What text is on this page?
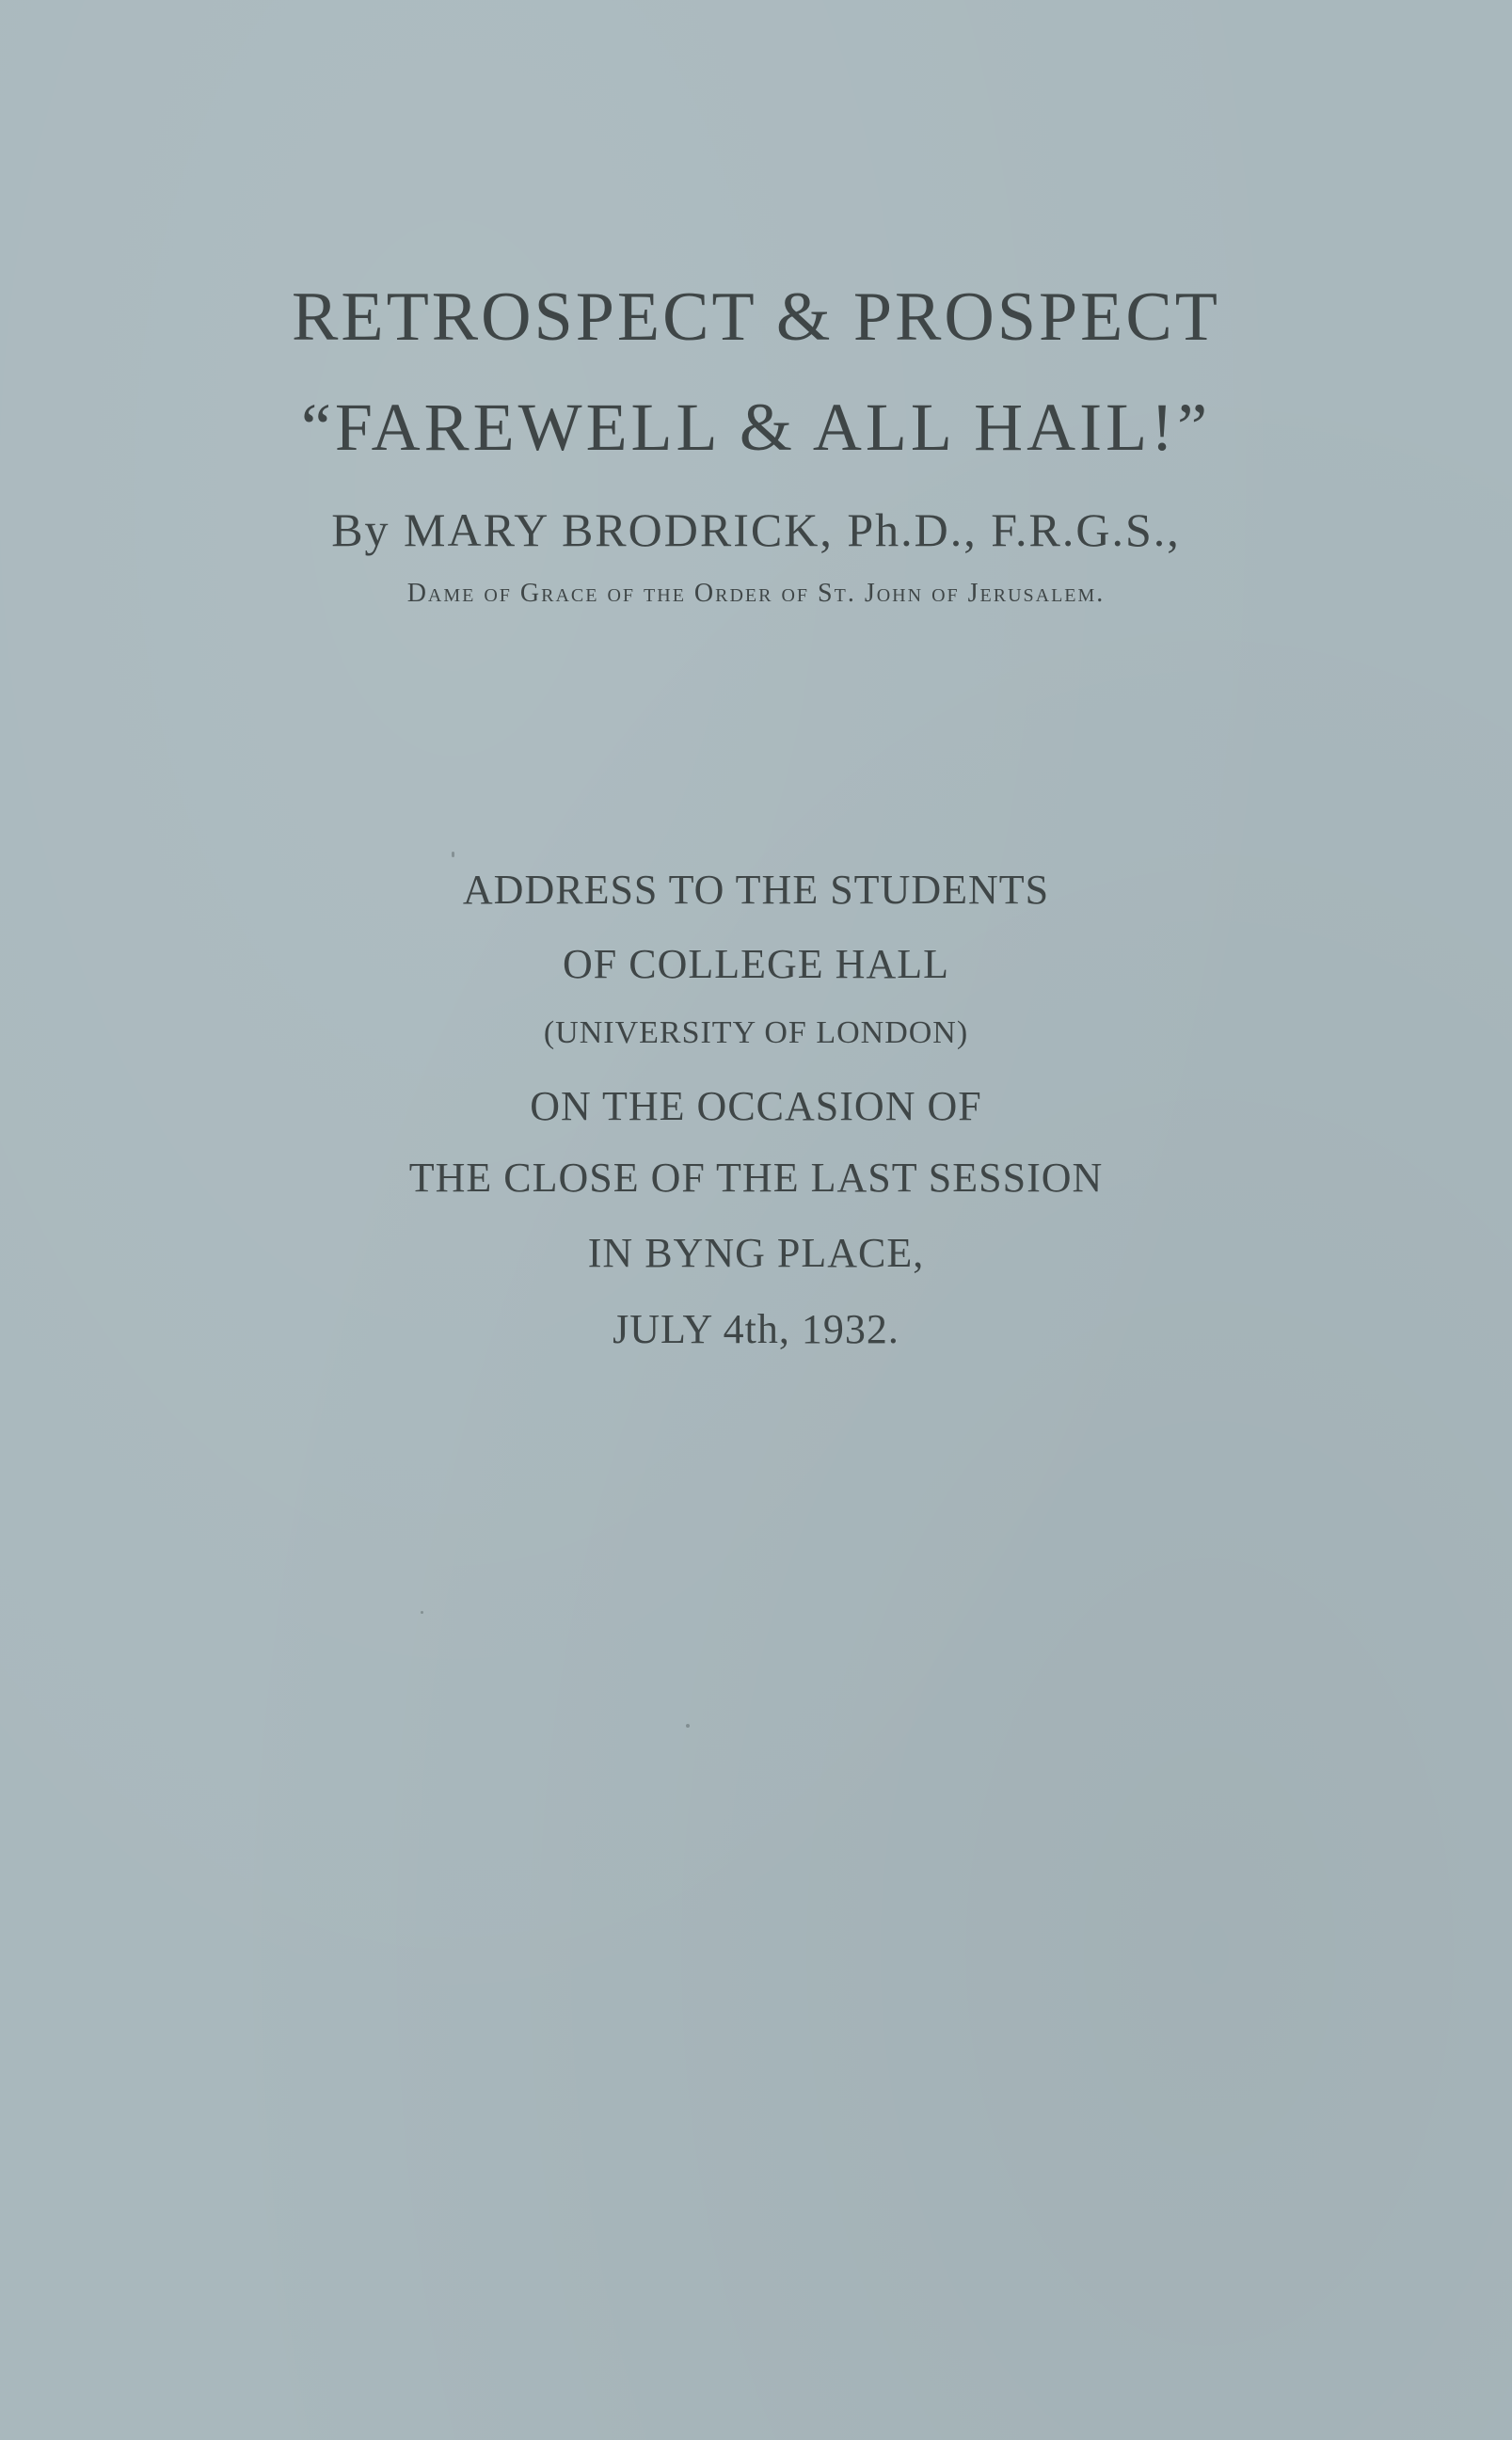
RETROSPECT & PROSPECT
“FAREWELL & ALL HAIL!”
By MARY BRODRICK, Ph.D., F.R.G.S.,
Dame of Grace of the Order of St. John of Jerusalem.
ADDRESS TO THE STUDENTS
OF COLLEGE HALL
(UNIVERSITY OF LONDON)
ON THE OCCASION OF
THE CLOSE OF THE LAST SESSION
IN BYNG PLACE,
JULY 4th, 1932.
